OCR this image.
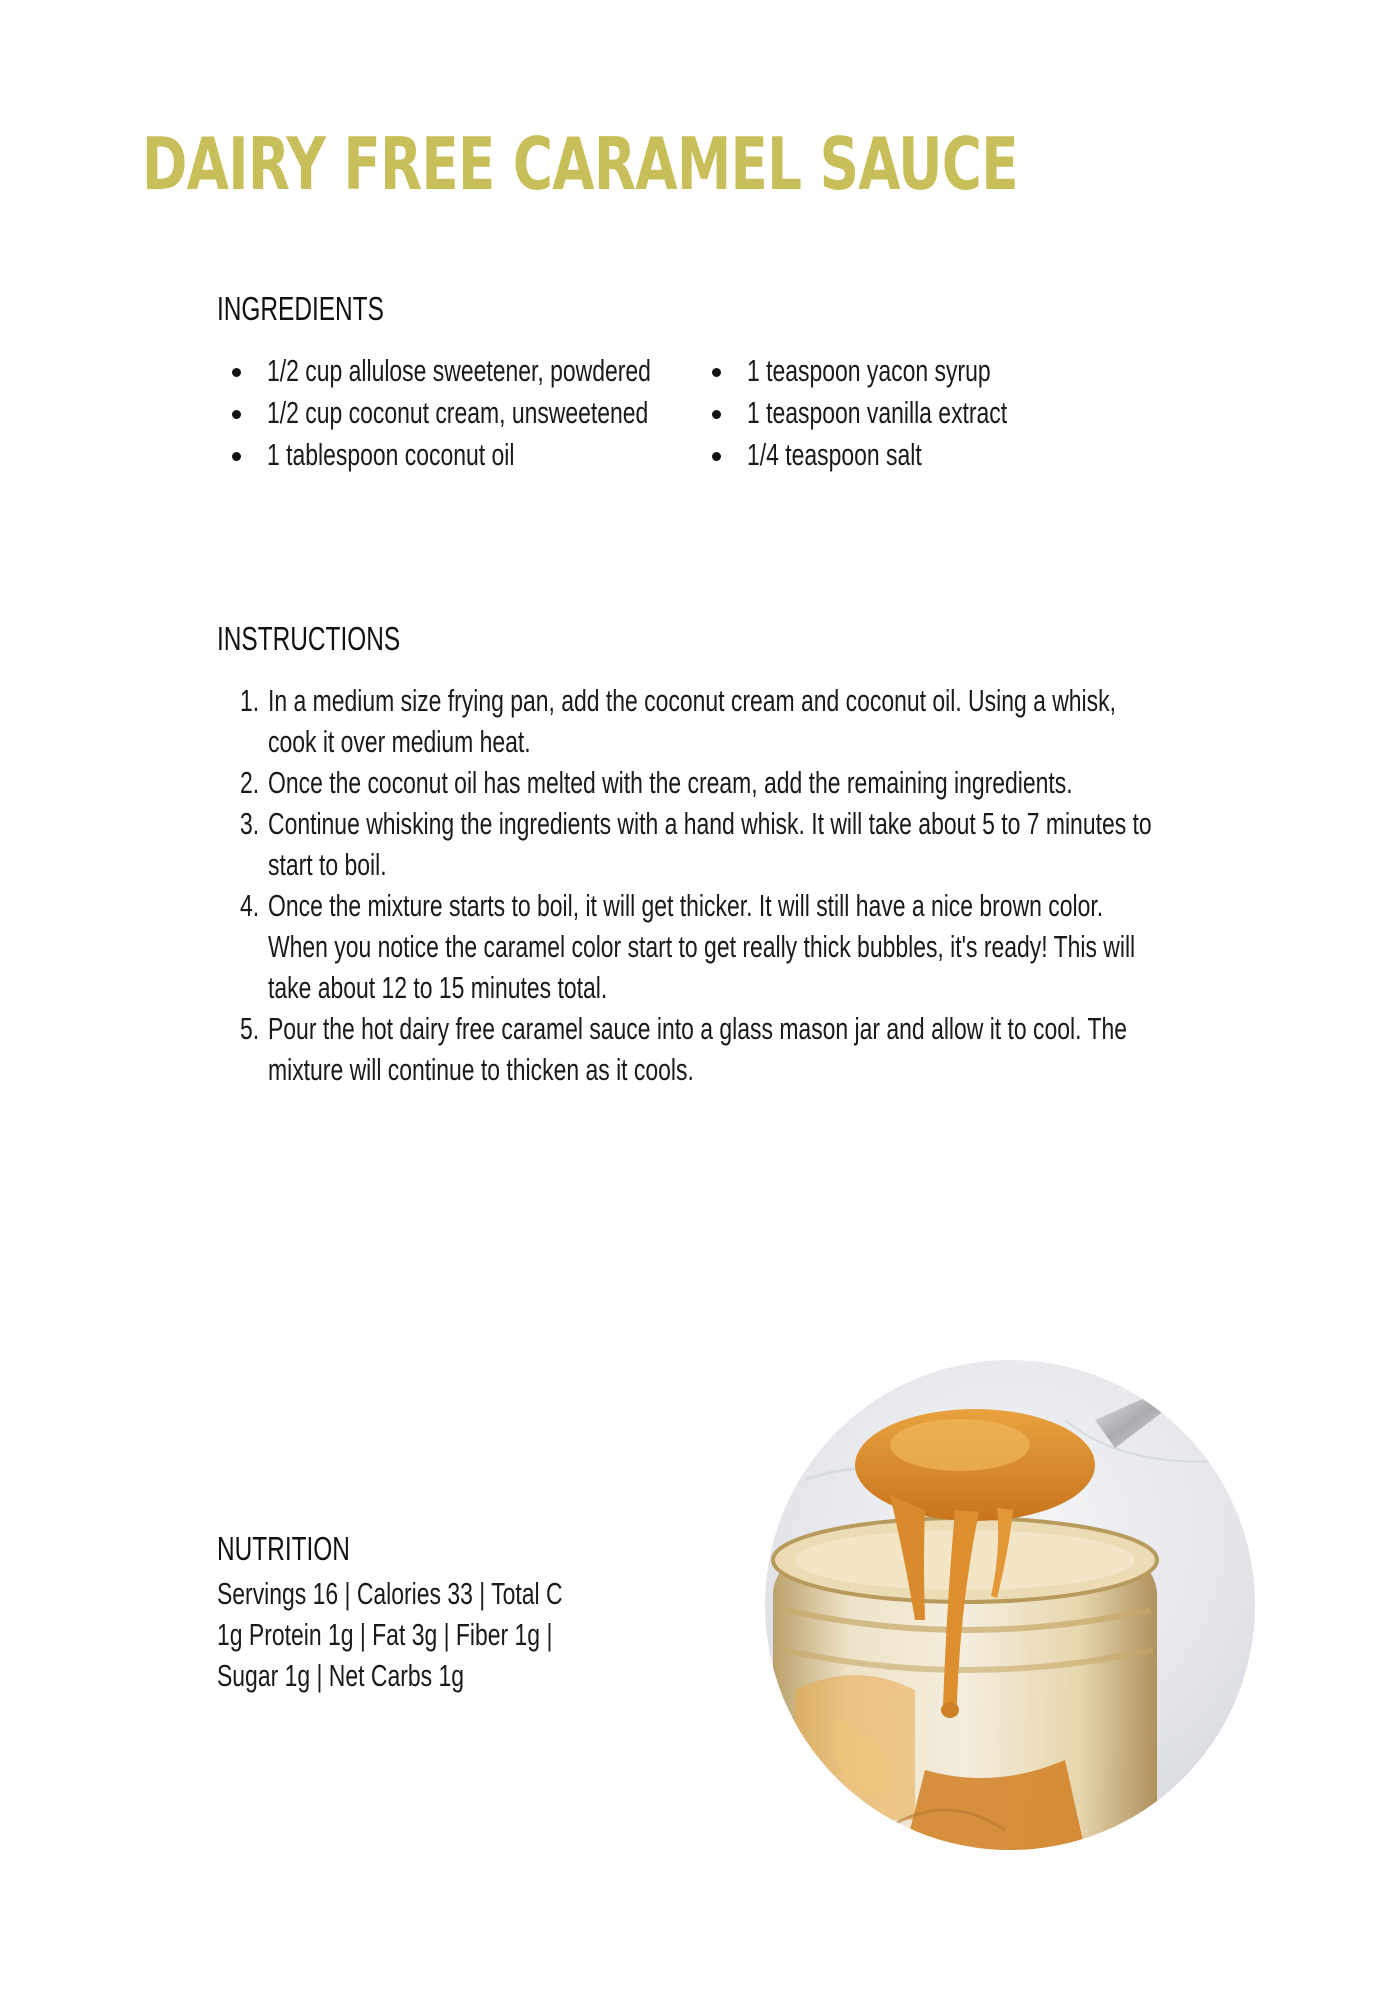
DAIRY FREE CARAMEL SAUCE
INGREDIENTS
1/2 cup allulose sweetener, powdered
1/2 cup coconut cream, unsweetened
1 tablespoon coconut oil
1 teaspoon yacon syrup
1 teaspoon vanilla extract
1/4 teaspoon salt
INSTRUCTIONS
1. In a medium size frying pan, add the coconut cream and coconut oil. Using a whisk, cook it over medium heat.
2. Once the coconut oil has melted with the cream, add the remaining ingredients.
3. Continue whisking the ingredients with a hand whisk. It will take about 5 to 7 minutes to start to boil.
4. Once the mixture starts to boil, it will get thicker. It will still have a nice brown color. When you notice the caramel color start to get really thick bubbles, it's ready! This will take about 12 to 15 minutes total.
5. Pour the hot dairy free caramel sauce into a glass mason jar and allow it to cool. The mixture will continue to thicken as it cools.
NUTRITION

Servings 16 | Calories 33 | Total C 1g Protein 1g | Fat 3g | Fiber 1g | Sugar 1g | Net Carbs 1g
